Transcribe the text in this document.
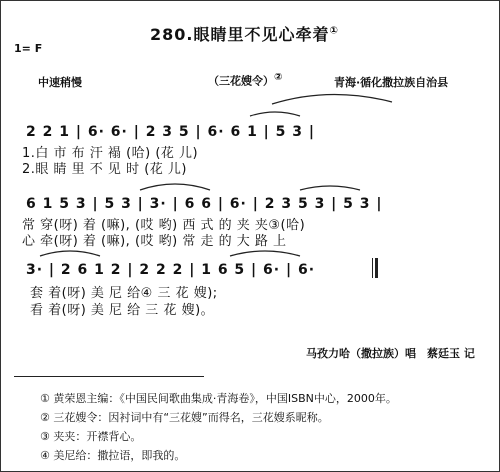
1= F
280.眼睛里不见心牵着①
中速稍慢	（三花嫂令）②	青海·循化撒拉族自治县
2 2 1 | 6· 6· | 2 3 5 | 6· 6 1 | 5 3 |
1.白 市 布 汗 褟 (哈) (花 儿)
2.眼 睛 里 不 见 时 (花 儿)
6 1 5 3 | 5 3 | 3· | 6 6 | 6· | 2 3 5 3 | 5 3 |
常 穿(呀) 着 (嘛), (哎 哟) 西 式 的 夹 夹③(哈)
心 牵(呀) 着 (嘛), (哎 哟) 常 走 的 大 路 上
3· | 2 6 1 2 | 2 2 2 | 1 6 5 | 6· | 6·
套 着(呀) 美 尼 给④ 三 花 嫂);
看 着(呀) 美 尼 给 三 花 嫂)。
马孜力哈（撒拉族）唱　蔡廷玉 记
① 黄荣恩主编：《中国民间歌曲集成·青海卷》，中国ISBN中心，2000年。
② 三花嫂令：因衬词中有“三花嫂”而得名，三花嫂系昵称。
③ 夹夹：开襟背心。
④ 美尼给：撒拉语，即我的。
